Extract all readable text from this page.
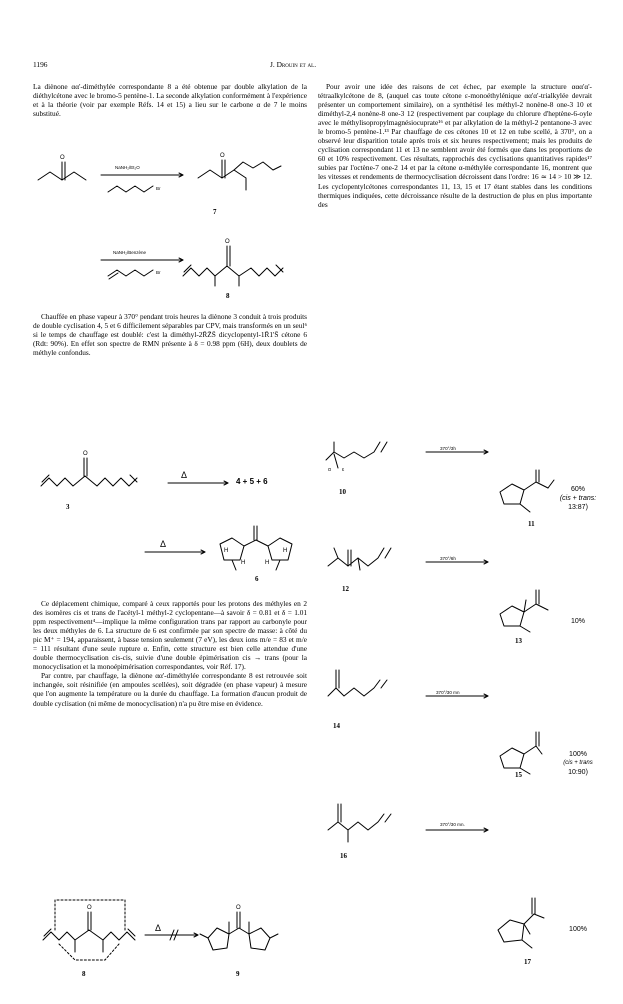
1196	J. Drouin et al.

La diènone αα'-diméthylée correspondante 8 a été obtenue par double alkylation de la diéthylcétone avec le bromo-5 pentène-1. La seconde alkylation conformément à l'expérience et à la théorie (voir par exemple Réfs. 14 et 15) a lieu sur le carbone α de 7 le moins substitué.

Chauffée en phase vapeur à 370° pendant trois heures la diènone 3 conduit à trois produits de double cyclisation 4, 5 et 6 difficilement séparables par CPV, mais transformés en un seul⁶ si le temps de chauffage est doublé: c'est la diméthyl-2R̄Z̄S̄ dicyclopentyl-1R̄1'S̄ cétone 6 (Rdt: 90%). En effet son spectre de RMN présente à δ = 0.98 ppm (6H), deux doublets de méthyle confondus.

Ce déplacement chimique, comparé à ceux rapportés pour les protons des méthyles en 2 des isomères cis et trans de l'acétyl-1 méthyl-2 cyclopentane—à savoir δ = 0.81 et δ = 1.01 ppm respectivement⁴—implique la même configuration trans par rapport au carbonyle pour les deux méthyles de 6. La structure de 6 est confirmée par son spectre de masse: à côté du pic M⁺ = 194, apparaissent, à basse tension seulement (7 eV), les deux ions m/e = 83 et m/e = 111 résultant d'une seule rupture α. Enfin, cette structure est bien celle attendue d'une double thermocyclisation cis-cis, suivie d'une double épimérisation cis → trans (pour la monocyclisation et la monoépimérisation correspondantes, voir Réf. 17).

Par contre, par chauffage, la diènone αα'-diméthylée correspondante 8 est retrouvée soit inchangée, soit résinifiée (en ampoules scellées), soit dégradée (en phase vapeur) à mesure que l'on augmente la température ou la durée du chauffage. La formation d'aucun produit de double cyclisation (ni même de monocyclisation) n'a pu être mise en évidence.

Pour avoir une idée des raisons de cet échec, par exemple la structure ααα'α'-tétraalkylcétone de 8, (auquel cas toute cétone ε-monoéthylénique αα'α'-trialkylée devrait présenter un comportement similaire), on a synthétisé les méthyl-2 nonène-8 one-3 10 et diméthyl-2,4 nonène-8 one-3 12 (respectivement par couplage du chlorure d'heptène-6-oyle avec le méthylisopropylmagnésiocuprate¹⁶ et par alkylation de la méthyl-2 pentanone-3 avec le bromo-5 pentène-1.¹³ Par chauffage de ces cétones 10 et 12 en tube scellé, à 370°, on a observé leur disparition totale après trois et six heures respectivement; mais les produits de cyclisation correspondant 11 et 13 ne semblent avoir été formés que dans les proportions de 60 et 10% respectivement. Ces résultats, rapprochés des cyclisations quantitatives rapides¹⁷ subies par l'octène-7 one-2 14 et par la cétone α-méthylée correspondante 16, montrent que les vitesses et rendements de thermocyclisation décroissent dans l'ordre: 16 ≃ 14 > 10 ≫ 12. Les cyclopentylcétones correspondantes 11, 13, 15 et 17 étant stables dans les conditions thermiques indiquées, cette décroissance résulte de la destruction de plus en plus importante des

O
NaNH₂/Et₂O
Br
O
7
NaNH₂/Benzène
Br
O
8
O
Δ
3
4 + 5 + 6
Δ
H	H
H	H
6
O
Δ
O
8	9
α ε
10
370°/3h
60%
(cis + trans:
13:87)
11
12
370°/6h
10%
13
14
370°/30 mn
100%
(cis + trans
10:90)
15
16
370°/30 mn.
100%
17
